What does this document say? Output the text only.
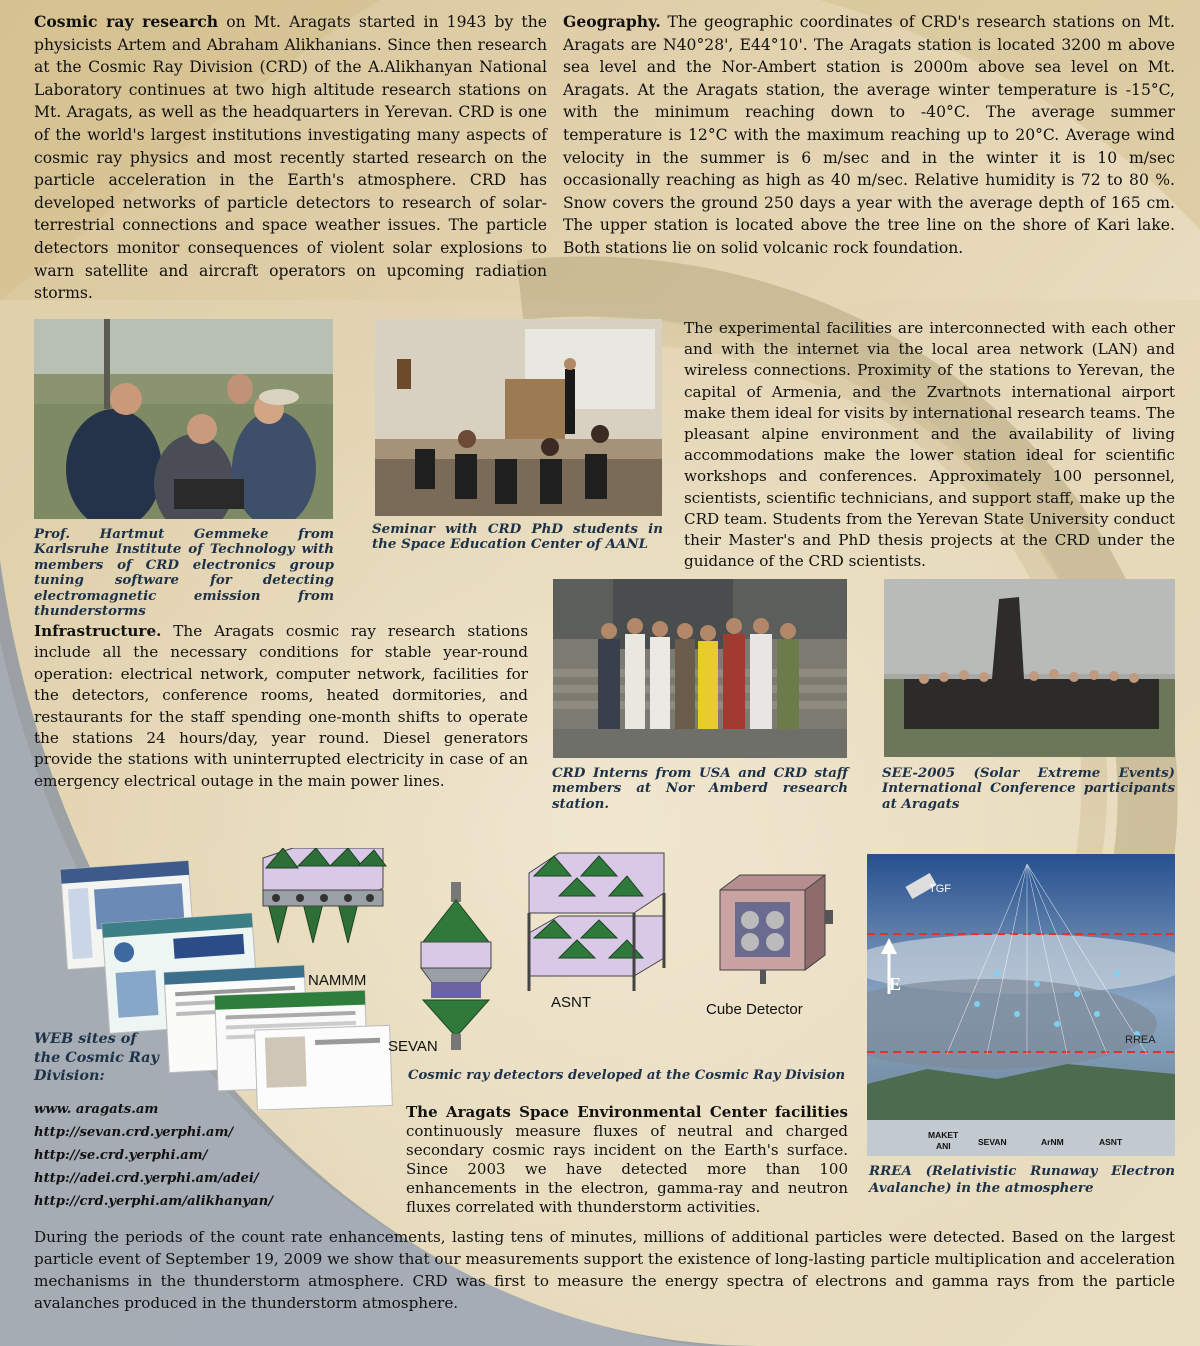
Cosmic ray research on Mt. Aragats started in 1943 by the physicists Artem and Abraham Alikhanians. Since then research at the Cosmic Ray Division (CRD) of the A.Alikhanyan National Laboratory continues at two high altitude research stations on Mt. Aragats, as well as the headquarters in Yerevan. CRD is one of the world's largest institutions investigating many aspects of cosmic ray physics and most recently started research on the particle acceleration in the Earth's atmosphere. CRD has developed networks of particle detectors to research of solar-terrestrial connections and space weather issues. The particle detectors monitor consequences of violent solar explosions to warn satellite and aircraft operators on upcoming radiation storms.
Geography. The geographic coordinates of CRD's research stations on Mt. Aragats are N40°28', E44°10'. The Aragats station is located 3200 m above sea level and the Nor-Ambert station is 2000m above sea level on Mt. Aragats. At the Aragats station, the average winter temperature is -15°C, with the minimum reaching down to -40°C. The average summer temperature is 12°C with the maximum reaching up to 20°C. Average wind velocity in the summer is 6 m/sec and in the winter it is 10 m/sec occasionally reaching as high as 40 m/sec. Relative humidity is 72 to 80 %. Snow covers the ground 250 days a year with the average depth of 165 cm. The upper station is located above the tree line on the shore of Kari lake. Both stations lie on solid volcanic rock foundation.
Prof. Hartmut Gemmeke from Karlsruhe Institute of Technology with members of CRD electronics group tuning software for detecting electromagnetic emission from thunderstorms
Seminar with CRD PhD students in the Space Education Center of AANL
The experimental facilities are interconnected with each other and with the internet via the local area network (LAN) and wireless connections. Proximity of the stations to Yerevan, the capital of Armenia, and the Zvartnots international airport make them ideal for visits by international research teams. The pleasant alpine environment and the availability of living accommodations make the lower station ideal for scientific workshops and conferences. Approximately 100 personnel, scientists, scientific technicians, and support staff, make up the CRD team. Students from the Yerevan State University conduct their Master's and PhD thesis projects at the CRD under the guidance of the CRD scientists.
Infrastructure. The Aragats cosmic ray research stations include all the necessary conditions for stable year-round operation: electrical network, computer network, facilities for the detectors, conference rooms, heated dormitories, and restaurants for the staff spending one-month shifts to operate the stations 24 hours/day, year round. Diesel generators provide the stations with uninterrupted electricity in case of an emergency electrical outage in the main power lines.	CRD Interns from USA and CRD staff members at Nor Amberd research station.
SEE-2005 (Solar Extreme Events) International Conference participants at Aragats
WEB sites of the Cosmic Ray Division:
www. aragats.am
http://sevan.crd.yerphi.am/
http://se.crd.yerphi.am/
http://adei.crd.yerphi.am/adei/
http://crd.yerphi.am/alikhanyan/
NAMMM
SEVAN
ASNT	Cube Detector
Cosmic ray detectors developed at the Cosmic Ray Division
TGF
E
RREA
MAKET
ANI	SEVAN	ArNM	ASNT
RREA (Relativistic Runaway Electron Avalanche) in the atmosphere
The Aragats Space Environmental Center facilities continuously measure fluxes of neutral and charged secondary cosmic rays incident on the Earth's surface. Since 2003 we have detected more than 100 enhancements in the electron, gamma-ray and neutron fluxes correlated with thunderstorm activities.
During the periods of the count rate enhancements, lasting tens of minutes, millions of additional particles were detected. Based on the largest particle event of September 19, 2009 we show that our measurements support the existence of long-lasting particle multiplication and acceleration mechanisms in the thunderstorm atmosphere. CRD was first to measure the energy spectra of electrons and gamma rays from the particle avalanches produced in the thunderstorm atmosphere.
